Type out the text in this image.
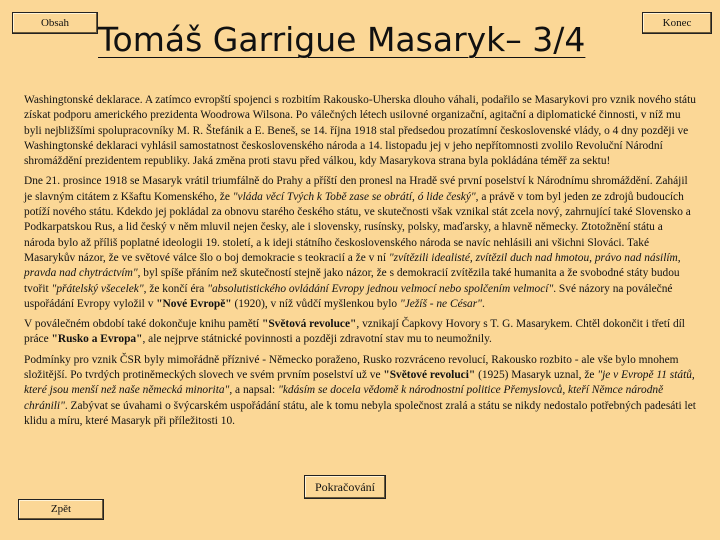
Obsah	Konec
Tomáš Garrigue Masaryk– 3/4

Washingtonské deklarace. A zatímco evropští spojenci s rozbitím Rakousko-Uherska dlouho váhali, podařilo se Masarykovi pro vznik nového státu získat podporu amerického prezidenta Woodrowa Wilsona. Po válečných létech usilovné organizační, agitační a diplomatické činnosti, v níž mu byli nejbližšími spolupracovníky M. R. Štefánik a E. Beneš, se 14. října 1918 stal předsedou prozatímní československé vlády, o 4 dny později ve Washingtonské deklaraci vyhlásil samostatnost československého národa a 14. listopadu jej v jeho nepřítomnosti zvolilo Revoluční Národní shromáždění prezidentem republiky. Jaká změna proti stavu před válkou, kdy Masarykova strana byla pokládána téměř za sektu!

Dne 21. prosince 1918 se Masaryk vrátil triumfálně do Prahy a příští den pronesl na Hradě své první poselství k Národnímu shromáždění. Zahájil je slavným citátem z Kšaftu Komenského, že "vláda věcí Tvých k Tobě zase se obrátí, ó lide český", a právě v tom byl jeden ze zdrojů budoucích potíží nového státu. Kdekdo jej pokládal za obnovu starého českého státu, ve skutečnosti však vznikal stát zcela nový, zahrnující také Slovensko a Podkarpatskou Rus, a lid český v něm mluvil nejen česky, ale i slovensky, rusínsky, polsky, maďarsky, a hlavně německy. Ztotožnění státu a národa bylo až příliš poplatné ideologii 19. století, a k ideji státního československého národa se navíc nehlásili ani všichni Slováci. Také Masarykův názor, že ve světové válce šlo o boj demokracie s teokracií a že v ní "zvítězili idealisté, zvítězil duch nad hmotou, právo nad násilím, pravda nad chytráctvím", byl spíše přáním než skutečností stejně jako názor, že s demokracií zvítězila také humanita a že svobodné státy budou tvořit "přátelský všecelek", že končí éra "absolutistického ovládání Evropy jednou velmocí nebo spolčením velmocí". Své názory na poválečné uspořádání Evropy vyložil v "Nové Evropě" (1920), v níž vůdčí myšlenkou bylo "Ježíš - ne César".

V poválečném období také dokončuje knihu pamětí "Světová revoluce", vznikají Čapkovy Hovory s T. G. Masarykem. Chtěl dokončit i třetí díl práce "Rusko a Evropa", ale nejprve státnické povinnosti a později zdravotní stav mu to neumožnily.

Podmínky pro vznik ČSR byly mimořádně příznivé - Německo poraženo, Rusko rozvráceno revolucí, Rakousko rozbito - ale vše bylo mnohem složitější. Po tvrdých protiněmeckých slovech ve svém prvním poselství už ve "Světové revoluci" (1925) Masaryk uznal, že "je v Evropě 11 států, které jsou menší než naše německá minorita", a napsal: "kdásím se docela vědomě k národnostní politice Přemyslovců, kteří Němce národně chránili". Zabývat se úvahami o švýcarském uspořádání státu, ale k tomu nebyla společnost zralá a státu se nikdy nedostalo potřebných padesáti let klidu a míru, které Masaryk při příležitosti 10.

Pokračování
Zpět
